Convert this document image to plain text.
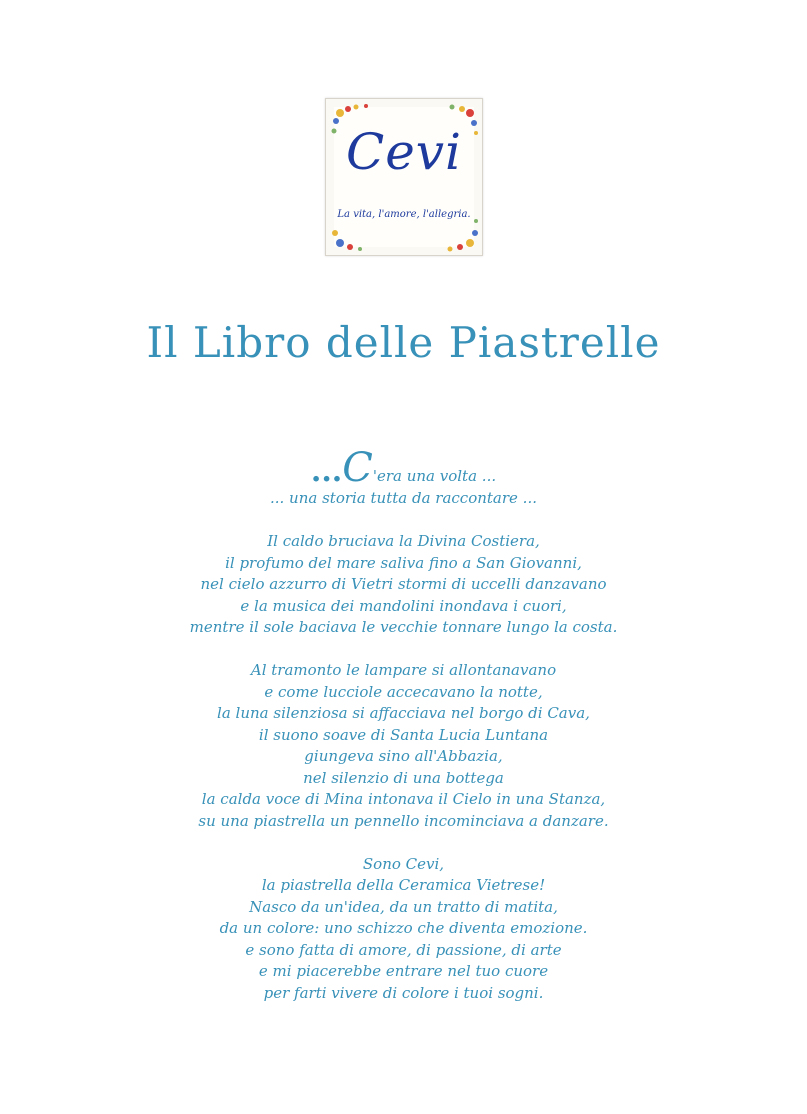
Cevi
La vita, l'amore, l'allegria.
Il Libro delle Piastrelle
...C'era una volta ...
... una storia tutta da raccontare ...
Il caldo bruciava la Divina Costiera,
il profumo del mare saliva fino a San Giovanni,
nel cielo azzurro di Vietri stormi di uccelli danzavano
e la musica dei mandolini inondava i cuori,
mentre il sole baciava le vecchie tonnare lungo la costa.
Al tramonto le lampare si allontanavano
e come lucciole accecavano la notte,
la luna silenziosa si affacciava nel borgo di Cava,
il suono soave di Santa Lucia Luntana
giungeva sino all'Abbazia,
nel silenzio di una bottega
la calda voce di Mina intonava il Cielo in una Stanza,
su una piastrella un pennello incominciava a danzare.
Sono Cevi,
la piastrella della Ceramica Vietrese!
Nasco da un'idea, da un tratto di matita,
da un colore: uno schizzo che diventa emozione.
e sono fatta di amore, di passione, di arte
e mi piacerebbe entrare nel tuo cuore
per farti vivere di colore i tuoi sogni.
